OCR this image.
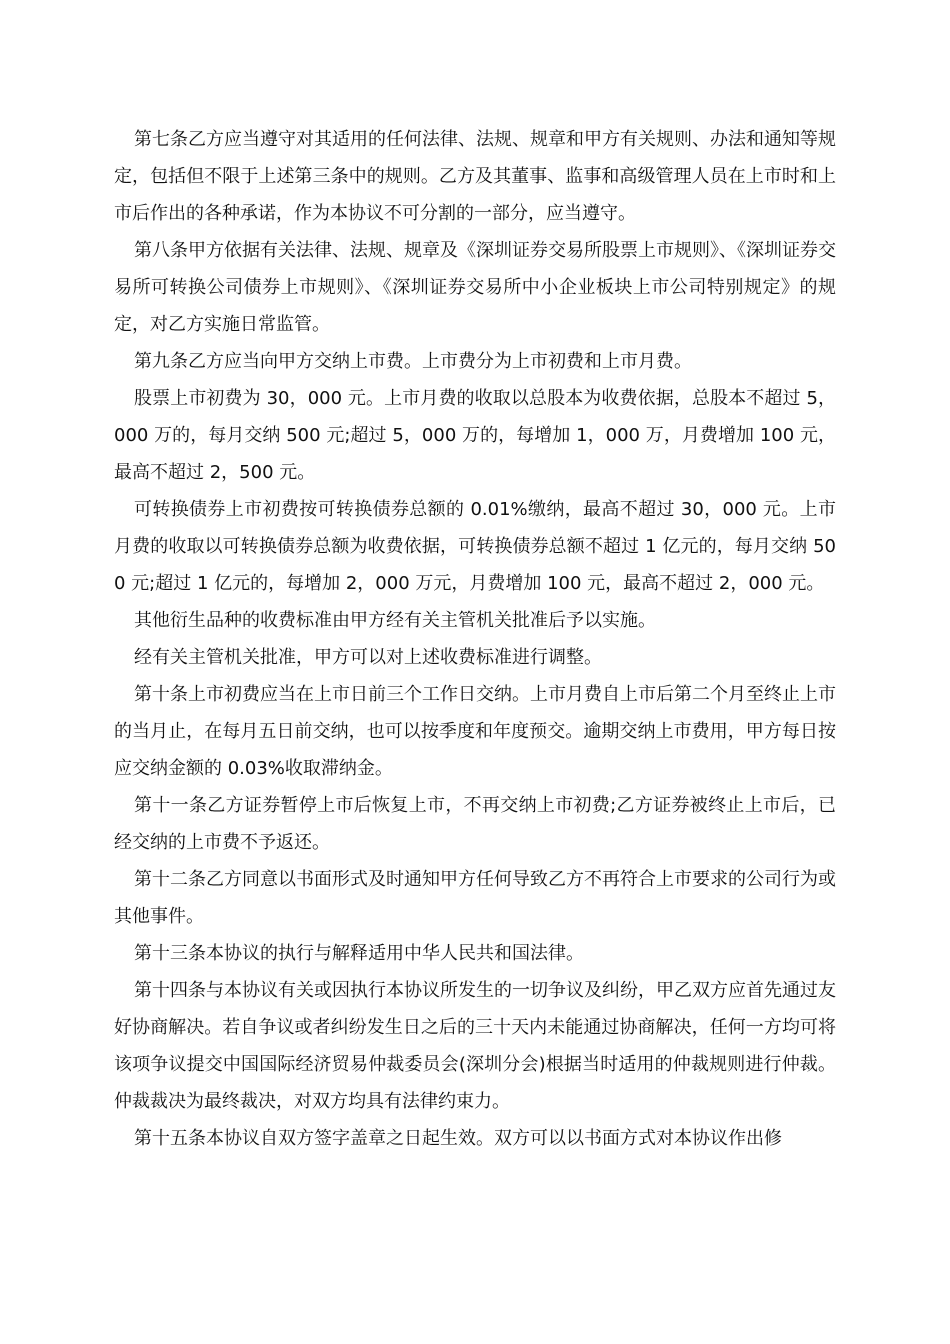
第七条乙方应当遵守对其适用的任何法律、法规、规章和甲方有关规则、办法和通知等规定，包括但不限于上述第三条中的规则。乙方及其董事、监事和高级管理人员在上市时和上市后作出的各种承诺，作为本协议不可分割的一部分，应当遵守。

第八条甲方依据有关法律、法规、规章及《深圳证券交易所股票上市规则》、《深圳证券交易所可转换公司债券上市规则》、《深圳证券交易所中小企业板块上市公司特别规定》的规定，对乙方实施日常监管。

第九条乙方应当向甲方交纳上市费。上市费分为上市初费和上市月费。

股票上市初费为 30，000 元。上市月费的收取以总股本为收费依据，总股本不超过 5，000 万的，每月交纳 500 元;超过 5，000 万的，每增加 1，000 万，月费增加 100 元，最高不超过 2，500 元。

可转换债券上市初费按可转换债券总额的 0.01%缴纳，最高不超过 30，000 元。上市月费的收取以可转换债券总额为收费依据，可转换债券总额不超过 1 亿元的，每月交纳 500 元;超过 1 亿元的，每增加 2，000 万元，月费增加 100 元，最高不超过 2，000 元。

其他衍生品种的收费标准由甲方经有关主管机关批准后予以实施。

经有关主管机关批准，甲方可以对上述收费标准进行调整。

第十条上市初费应当在上市日前三个工作日交纳。上市月费自上市后第二个月至终止上市的当月止，在每月五日前交纳，也可以按季度和年度预交。逾期交纳上市费用，甲方每日按应交纳金额的 0.03%收取滞纳金。

第十一条乙方证券暂停上市后恢复上市，不再交纳上市初费;乙方证券被终止上市后，已经交纳的上市费不予返还。

第十二条乙方同意以书面形式及时通知甲方任何导致乙方不再符合上市要求的公司行为或其他事件。

第十三条本协议的执行与解释适用中华人民共和国法律。

第十四条与本协议有关或因执行本协议所发生的一切争议及纠纷，甲乙双方应首先通过友好协商解决。若自争议或者纠纷发生日之后的三十天内未能通过协商解决，任何一方均可将该项争议提交中国国际经济贸易仲裁委员会(深圳分会)根据当时适用的仲裁规则进行仲裁。仲裁裁决为最终裁决，对双方均具有法律约束力。

第十五条本协议自双方签字盖章之日起生效。双方可以以书面方式对本协议作出修
